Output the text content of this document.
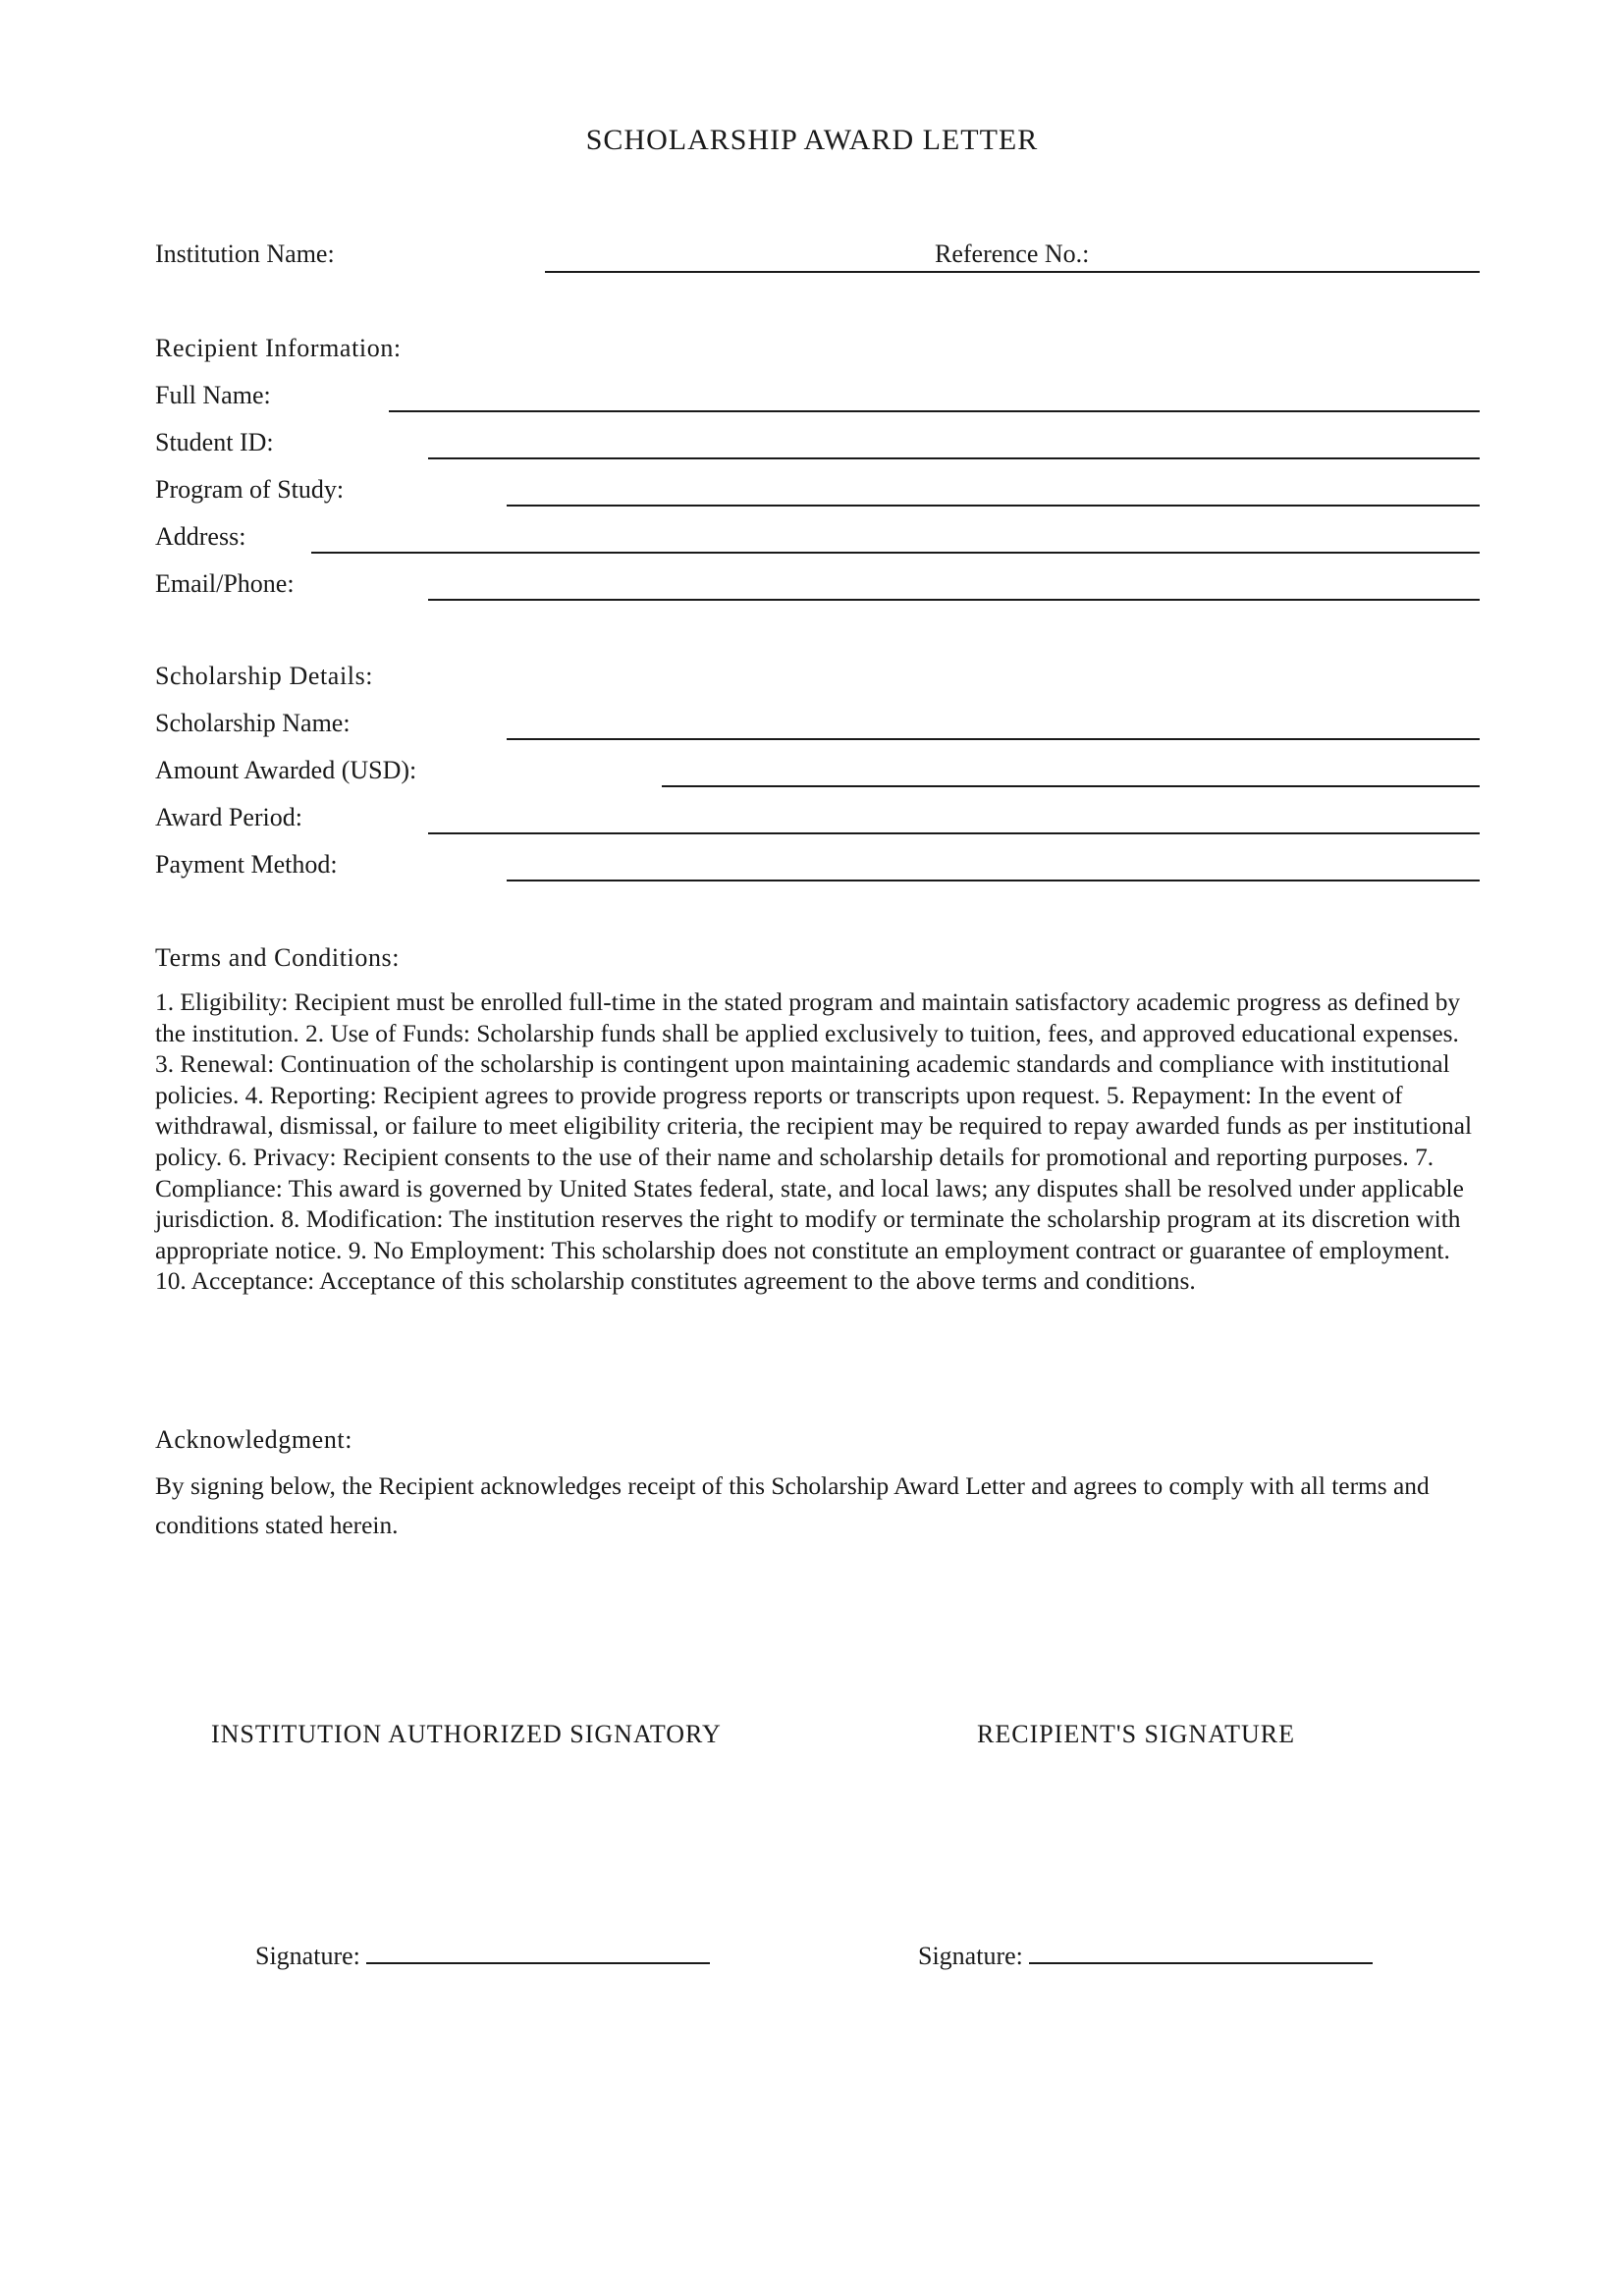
SCHOLARSHIP AWARD LETTER
Institution Name:	Reference No.:
Recipient Information:
Full Name:
Student ID:
Program of Study:
Address:
Email/Phone:
Scholarship Details:
Scholarship Name:
Amount Awarded (USD):
Award Period:
Payment Method:
Terms and Conditions:
1. Eligibility: Recipient must be enrolled full-time in the stated program and maintain satisfactory academic progress as defined by the institution. 2. Use of Funds: Scholarship funds shall be applied exclusively to tuition, fees, and approved educational expenses. 3. Renewal: Continuation of the scholarship is contingent upon maintaining academic standards and compliance with institutional policies. 4. Reporting: Recipient agrees to provide progress reports or transcripts upon request. 5. Repayment: In the event of withdrawal, dismissal, or failure to meet eligibility criteria, the recipient may be required to repay awarded funds as per institutional policy. 6. Privacy: Recipient consents to the use of their name and scholarship details for promotional and reporting purposes. 7. Compliance: This award is governed by United States federal, state, and local laws; any disputes shall be resolved under applicable jurisdiction. 8. Modification: The institution reserves the right to modify or terminate the scholarship program at its discretion with appropriate notice. 9. No Employment: This scholarship does not constitute an employment contract or guarantee of employment. 10. Acceptance: Acceptance of this scholarship constitutes agreement to the above terms and conditions.
Acknowledgment:
By signing below, the Recipient acknowledges receipt of this Scholarship Award Letter and agrees to comply with all terms and conditions stated herein.
INSTITUTION AUTHORIZED SIGNATORY	RECIPIENT'S SIGNATURE
Signature:	Signature:
